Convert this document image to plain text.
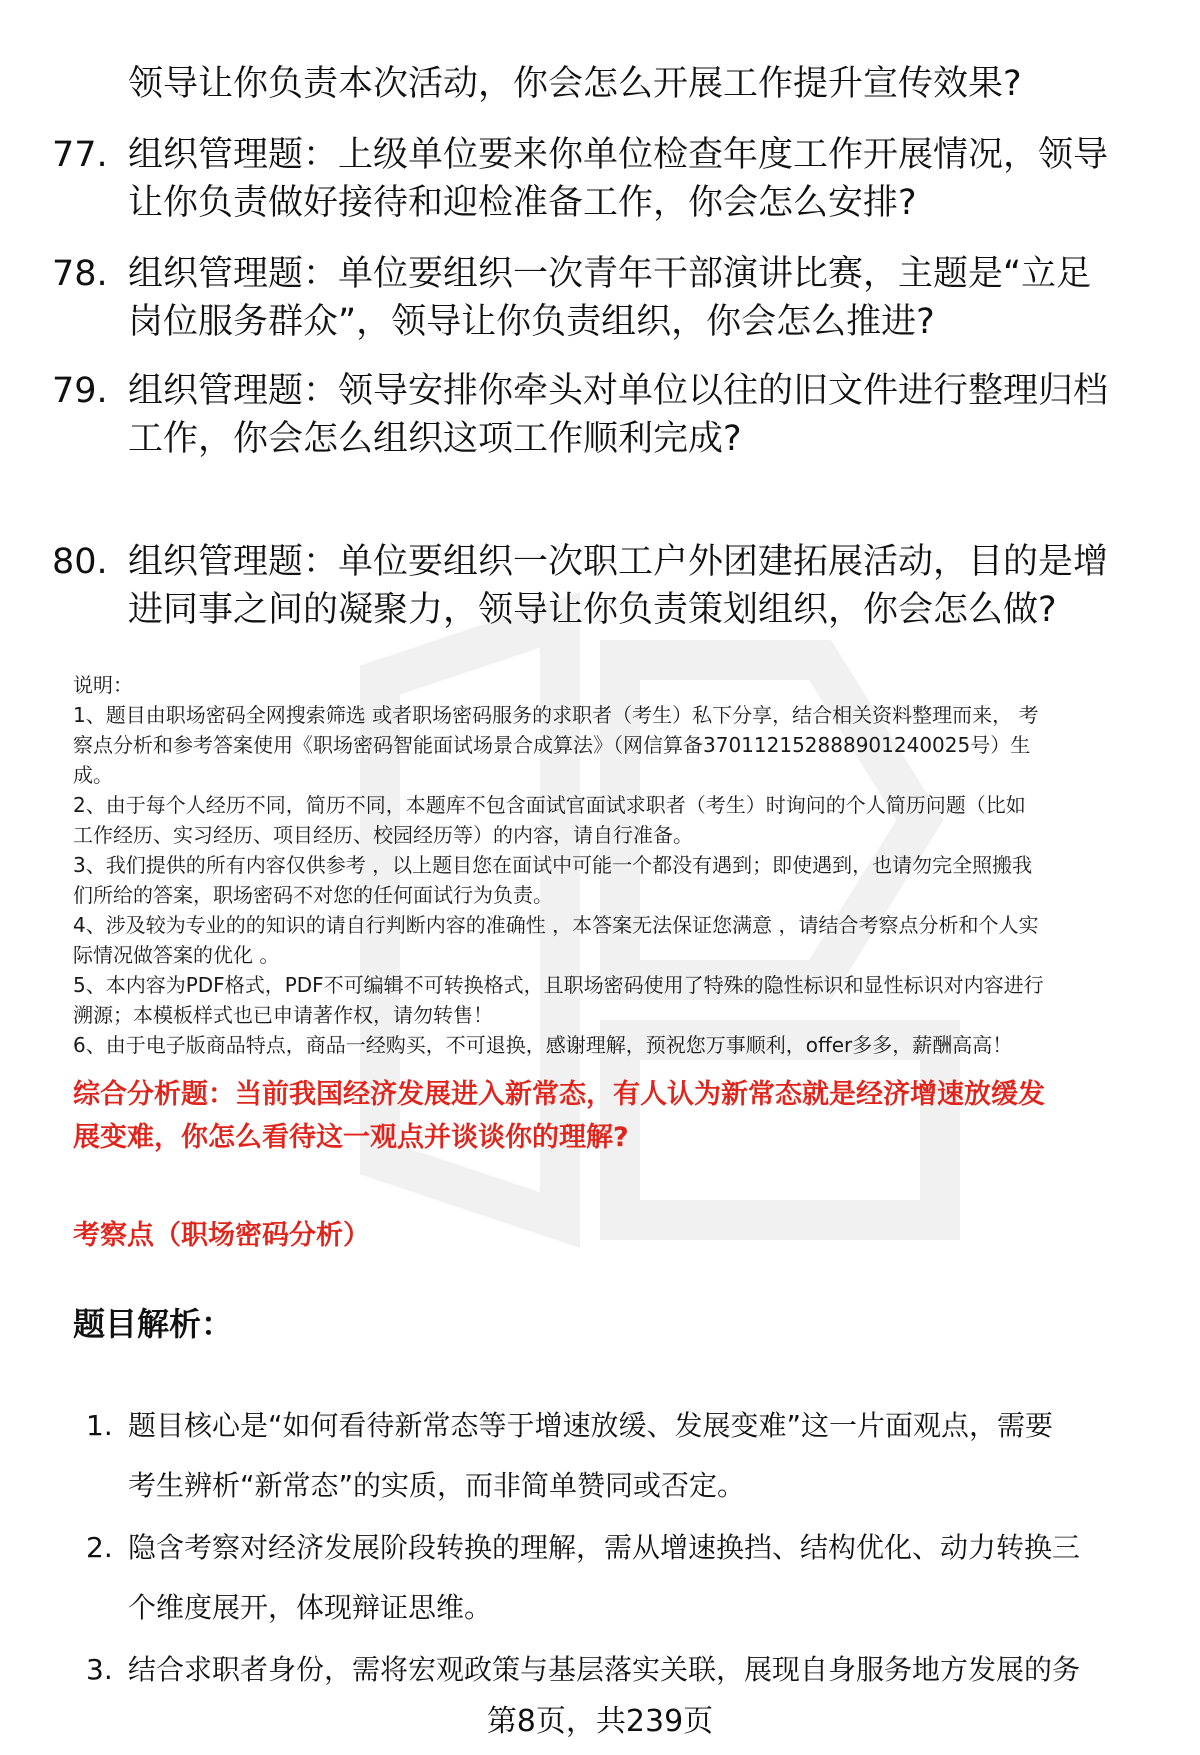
领导让你负责本次活动，你会怎么开展工作提升宣传效果?
77. 组织管理题：上级单位要来你单位检查年度工作开展情况，领导
让你负责做好接待和迎检准备工作，你会怎么安排?
78. 组织管理题：单位要组织一次青年干部演讲比赛，主题是“立足
岗位服务群众”，领导让你负责组织，你会怎么推进?
79. 组织管理题：领导安排你牵头对单位以往的旧文件进行整理归档
工作，你会怎么组织这项工作顺利完成?
80. 组织管理题：单位要组织一次职工户外团建拓展活动，目的是增
进同事之间的凝聚力，领导让你负责策划组织，你会怎么做?
说明：
1、题目由职场密码全网搜索筛选 或者职场密码服务的求职者（考生）私下分享，结合相关资料整理而来， 考
察点分析和参考答案使用《职场密码智能面试场景合成算法》（网信算备370112152888901240025号）生
成。
2、由于每个人经历不同，简历不同，本题库不包含面试官面试求职者（考生）时询问的个人简历问题（比如
工作经历、实习经历、项目经历、校园经历等）的内容，请自行准备。
3、我们提供的所有内容仅供参考 ，以上题目您在面试中可能一个都没有遇到；即使遇到，也请勿完全照搬我
们所给的答案，职场密码不对您的任何面试行为负责。
4、涉及较为专业的的知识的请自行判断内容的准确性 ，本答案无法保证您满意 ，请结合考察点分析和个人实
际情况做答案的优化 。
5、本内容为PDF格式，PDF不可编辑不可转换格式，且职场密码使用了特殊的隐性标识和显性标识对内容进行
溯源；本模板样式也已申请著作权，请勿转售！
6、由于电子版商品特点，商品一经购买，不可退换，感谢理解，预祝您万事顺利，offer多多，薪酬高高！
综合分析题：当前我国经济发展进入新常态，有人认为新常态就是经济增速放缓发
展变难，你怎么看待这一观点并谈谈你的理解?
考察点（职场密码分析）
题目解析：
1. 题目核心是“如何看待新常态等于增速放缓、发展变难”这一片面观点，需要
考生辨析“新常态”的实质，而非简单赞同或否定。
2. 隐含考察对经济发展阶段转换的理解，需从增速换挡、结构优化、动力转换三
个维度展开，体现辩证思维。
3. 结合求职者身份，需将宏观政策与基层落实关联，展现自身服务地方发展的务
第8页，共239页
